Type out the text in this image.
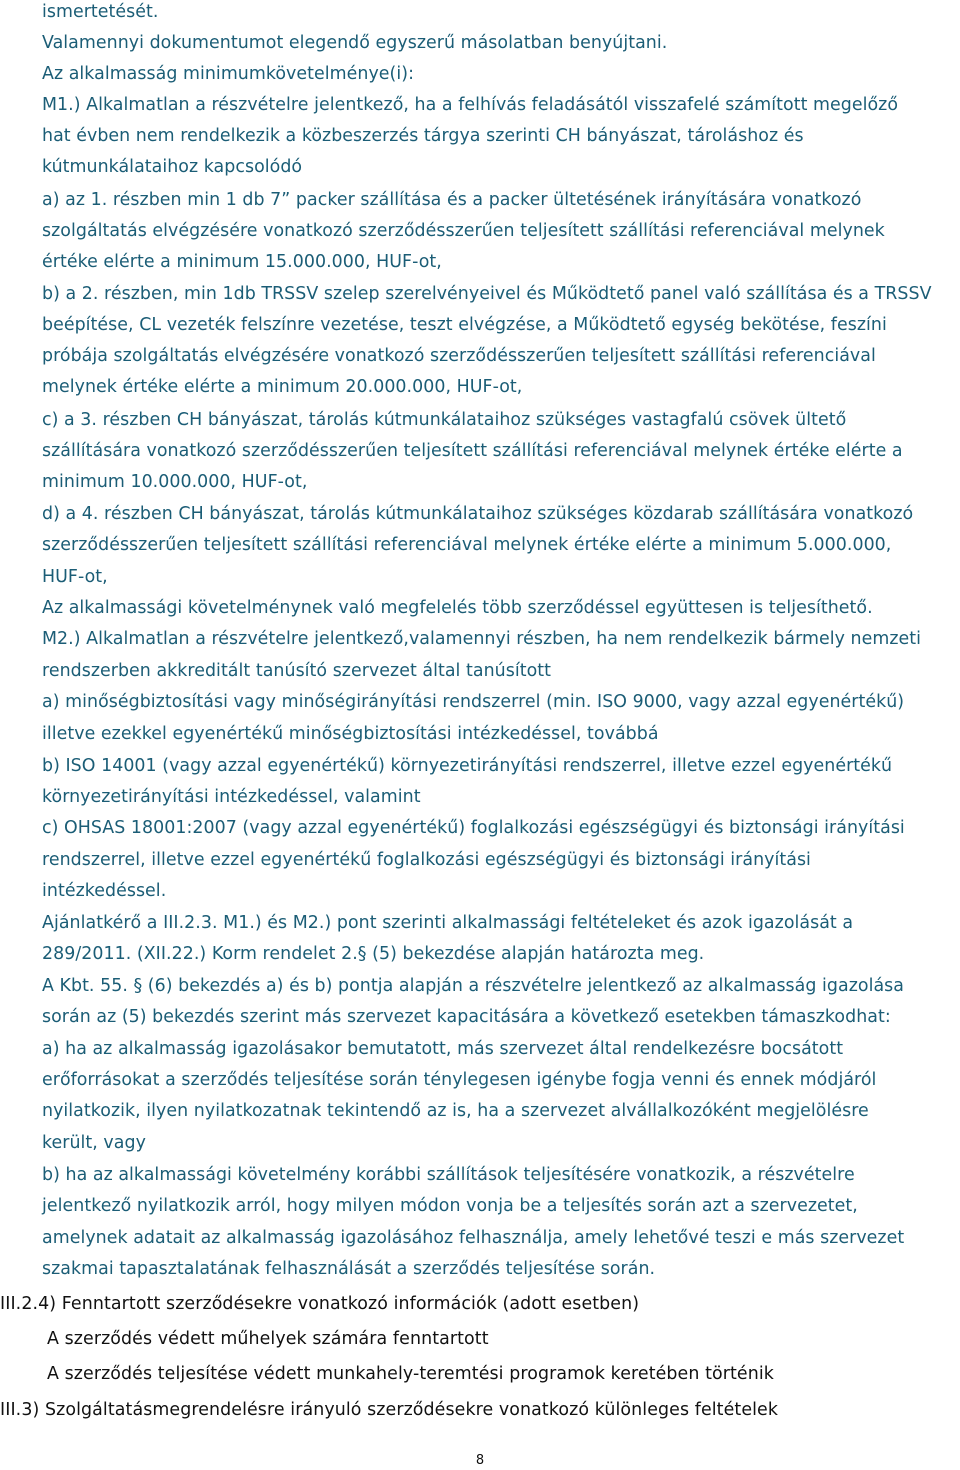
ismertetését.
Valamennyi dokumentumot elegendő egyszerű másolatban benyújtani.
Az alkalmasság minimumkövetelménye(i):
M1.) Alkalmatlan a részvételre jelentkező, ha a felhívás feladásától visszafelé számított megelőző
hat évben nem rendelkezik a közbeszerzés tárgya szerinti CH bányászat, tároláshoz és
kútmunkálataihoz kapcsolódó
a) az 1. részben min 1 db 7” packer szállítása és a packer ültetésének irányítására vonatkozó
szolgáltatás elvégzésére vonatkozó szerződésszerűen teljesített szállítási referenciával melynek
értéke elérte a minimum 15.000.000, HUF-ot,
b) a 2. részben, min 1db TRSSV szelep szerelvényeivel és Működtető panel való szállítása és a TRSSV
beépítése, CL vezeték felszínre vezetése, teszt elvégzése, a Működtető egység bekötése, feszíni
próbája szolgáltatás elvégzésére vonatkozó szerződésszerűen teljesített szállítási referenciával
melynek értéke elérte a minimum 20.000.000, HUF-ot,
c) a 3. részben CH bányászat, tárolás kútmunkálataihoz szükséges vastagfalú csövek ültető
szállítására vonatkozó szerződésszerűen teljesített szállítási referenciával melynek értéke elérte a
minimum 10.000.000, HUF-ot,
d) a 4. részben CH bányászat, tárolás kútmunkálataihoz szükséges közdarab szállítására vonatkozó
szerződésszerűen teljesített szállítási referenciával melynek értéke elérte a minimum 5.000.000,
HUF-ot,
Az alkalmassági követelménynek való megfelelés több szerződéssel együttesen is teljesíthető.
M2.) Alkalmatlan a részvételre jelentkező,valamennyi részben, ha nem rendelkezik bármely nemzeti
rendszerben akkreditált tanúsító szervezet által tanúsított
a) minőségbiztosítási vagy minőségirányítási rendszerrel (min. ISO 9000, vagy azzal egyenértékű)
illetve ezekkel egyenértékű minőségbiztosítási intézkedéssel, továbbá
b) ISO 14001 (vagy azzal egyenértékű) környezetirányítási rendszerrel, illetve ezzel egyenértékű
környezetirányítási intézkedéssel, valamint
c) OHSAS 18001:2007 (vagy azzal egyenértékű) foglalkozási egészségügyi és biztonsági irányítási
rendszerrel, illetve ezzel egyenértékű foglalkozási egészségügyi és biztonsági irányítási
intézkedéssel.
Ajánlatkérő a III.2.3. M1.) és M2.) pont szerinti alkalmassági feltételeket és azok igazolását a
289/2011. (XII.22.) Korm rendelet 2.§ (5) bekezdése alapján határozta meg.
A Kbt. 55. § (6) bekezdés a) és b) pontja alapján a részvételre jelentkező az alkalmasság igazolása
során az (5) bekezdés szerint más szervezet kapacitására a következő esetekben támaszkodhat:
a) ha az alkalmasság igazolásakor bemutatott, más szervezet által rendelkezésre bocsátott
erőforrásokat a szerződés teljesítése során ténylegesen igénybe fogja venni és ennek módjáról
nyilatkozik, ilyen nyilatkozatnak tekintendő az is, ha a szervezet alvállalkozóként megjelölésre
került, vagy
b) ha az alkalmassági követelmény korábbi szállítások teljesítésére vonatkozik, a részvételre
jelentkező nyilatkozik arról, hogy milyen módon vonja be a teljesítés során azt a szervezetet,
amelynek adatait az alkalmasság igazolásához felhasználja, amely lehetővé teszi e más szervezet
szakmai tapasztalatának felhasználását a szerződés teljesítése során.
III.2.4) Fenntartott szerződésekre vonatkozó információk (adott esetben)
A szerződés védett műhelyek számára fenntartott
A szerződés teljesítése védett munkahely-teremtési programok keretében történik
III.3) Szolgáltatásmegrendelésre irányuló szerződésekre vonatkozó különleges feltételek
8
